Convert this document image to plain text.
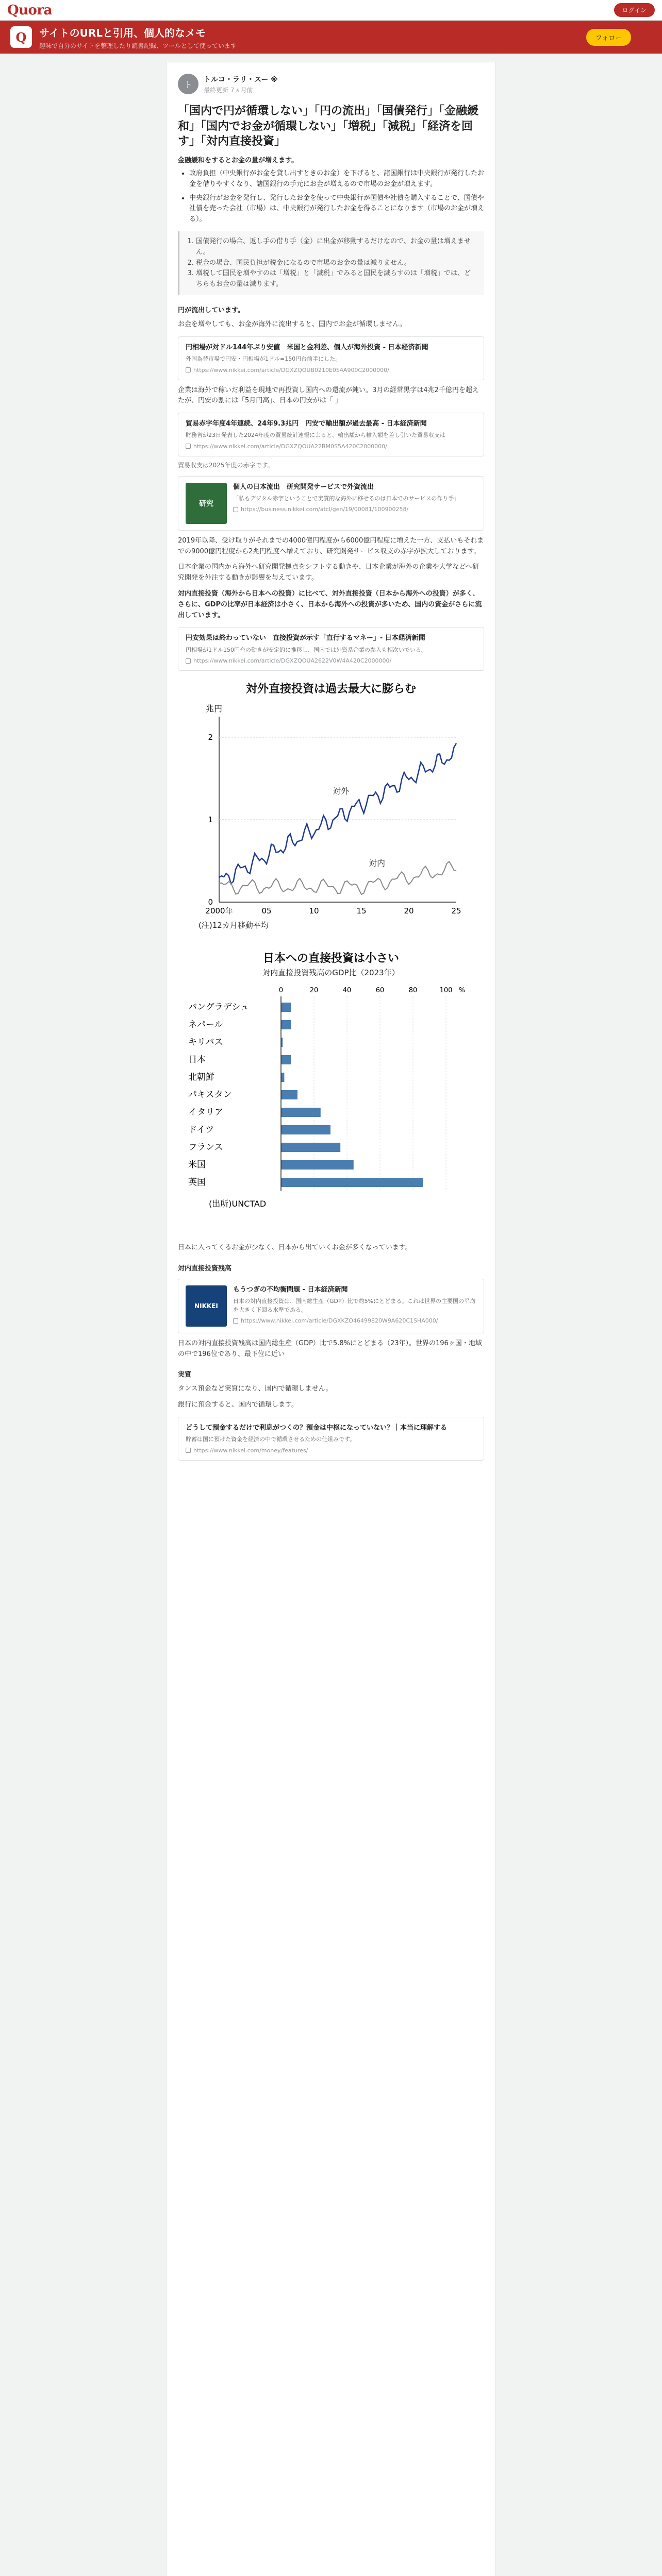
Quora	ログイン
Q	サイトのURLと引用、個人的なメモ
趣味で自分のサイトを整理したり読書記録、ツールとして使っています
フォロー
ト	トルコ・ラリ・スー ※
最終更新 7ヵ月前
「国内で円が循環しない」「円の流出」「国債発行」「金融緩和」「国内でお金が循環しない」「増税」「減税」「経済を回す」「対内直接投資」
金融緩和をするとお金の量が増えます。
• 政府負担（中央銀行がお金を貸し出すときのお金）を下げると、諸国銀行は中央銀行が発行したお金を借りやすくなり、諸国銀行の手元にお金が増えるので市場のお金が増えます。
• 中央銀行がお金を発行し、発行したお金を使って中央銀行が国債や社債を購入することで、国債や社債を売った会社（市場）は、中央銀行が発行したお金を得ることになります（市場のお金が増える）。
1. 国債発行の場合、返し手の借り手（金）に出金が移動するだけなので、お金の量は増えません。
2. 税金の場合、国民負担が税金になるので市場のお金の量は減りません。
3. 増税して国民を増やすのは「増税」と「減税」でみると国民を減らすのは「増税」では、どちらもお金の量は減ります。
円が流出しています。
お金を増やしても、お金が海外に流出すると、国内でお金が循環しません。
円相場が対ドル144年ぶり安値　米国と金利差、個人が海外投資 - 日本経済新聞
外国為替市場で円安・円相場が1ドル=150円台前半にした。
https://www.nikkei.com/article/DGXZQOUB0210E0S4A900C2000000/
企業は海外で稼いだ利益を現地で再投資し国内への還流が鈍い。3月の経常黒字は4兆2千億円を超えたが、円安の割には「5月円高」、日本の円安がは「 」
貿易赤字年度4年連続、24年9.3兆円　円安で輸出額が過去最高 - 日本経済新聞
財務省が23日発表した2024年度の貿易統計速報によると、輸出額から輸入額を差し引いた貿易収支は
https://www.nikkei.com/article/DGXZQOUA22BM0S5A420C2000000/
貿易収支は2025年度の赤字です。
研究
個人の日本流出　研究開発サービスで外資流出
「私もデジタル赤字ということで実質的な海外に移せるのは日本でのサービスの作り手」
https://business.nikkei.com/atcl/gen/19/00081/100900258/
2019年以降、受け取りがそれまでの4000億円程度から6000億円程度に増えた一方、支払いもそれまでの9000億円程度から2兆円程度へ増えており、研究開発サービス収支の赤字が拡大しております。
日本企業の国内から海外へ研究開発拠点をシフトする動きや、日本企業が海外の企業や大学などへ研究開発を外注する動きが影響を与えています。
対内直接投資（海外から日本への投資）に比べて、対外直接投資（日本から海外への投資）が多く、さらに、GDPの比率が日本経済は小さく、日本から海外への投資が多いため、国内の資金がさらに流出しています。
円安効果は終わっていない　直接投資が示す「直行するマネー」- 日本経済新聞
円相場が1ドル150円台の動きが安定的に推移し、国内では外資系企業の参入も相次いでいる。
https://www.nikkei.com/article/DGXZQOUA2622V0W4A420C2000000/
対外直接投資は過去最大に膨らむ
兆円
0
1
2
2000年	05	10	15	20	25
対外
対内
(注)12カ月移動平均
日本への直接投資は小さい
対内直接投資残高のGDP比（2023年）
0	20	40	60	80	100 %
バングラデシュ
ネパール
キリバス
日本
北朝鮮
パキスタン
イタリア
ドイツ
フランス
米国
英国
(出所)UNCTAD
日本に入ってくるお金が少なく、日本から出ていくお金が多くなっています。
対内直接投資残高
NIKKEI
もうつぎの不均衡問題 - 日本経済新聞
日本の対内直接投資は、国内総生産（GDP）比で約5%にとどまる。これは世界の主要国の平均を大きく下回る水準である。
https://www.nikkei.com/article/DGXKZO46499820W9A620C1SHA000/
日本の対内直接投資残高は国内総生産（GDP）比で5.8%にとどまる（23年）。世界の196ヶ国・地域の中で196位であり、最下位に近い
実質
タンス預金など実質になり、国内で循環しません。
銀行に預金すると、国内で循環します。
どうして預金するだけで利息がつくの？預金は中枢になっていない？｜本当に理解する
貯蓄は国に預けた資金を経済の中で循環させるための仕組みです。
https://www.nikkei.com/money/features/
